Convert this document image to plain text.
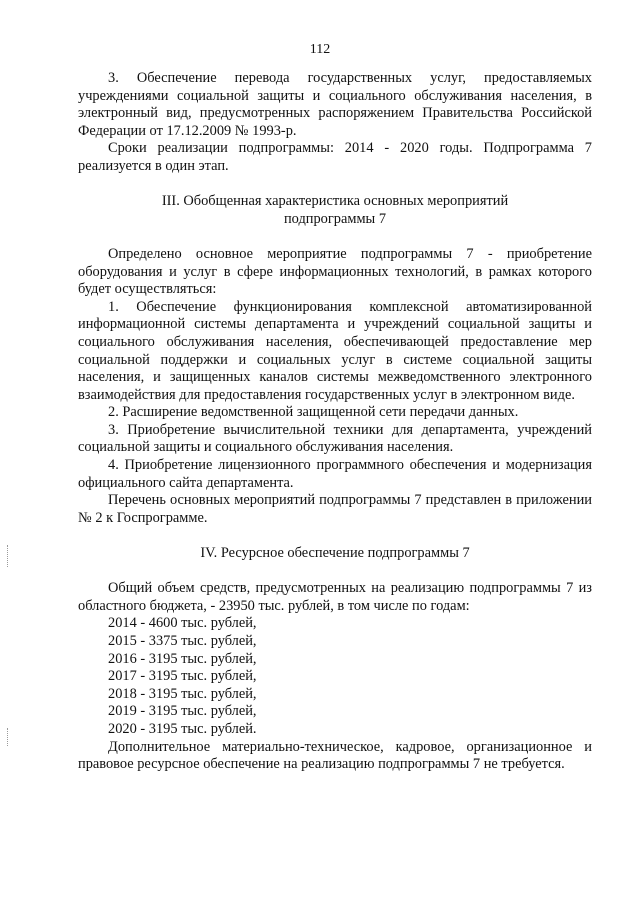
112

3. Обеспечение перевода государственных услуг, предоставляемых учреждениями социальной защиты и социального обслуживания населения, в электронный вид, предусмотренных распоряжением Правительства Российской Федерации от 17.12.2009 № 1993-р.

Сроки реализации подпрограммы: 2014 - 2020 годы. Подпрограмма 7 реализуется в один этап.

III. Обобщенная характеристика основных мероприятий
подпрограммы 7

Определено основное мероприятие подпрограммы 7 - приобретение оборудования и услуг в сфере информационных технологий, в рамках которого будет осуществляться:

1. Обеспечение функционирования комплексной автоматизированной информационной системы департамента и учреждений социальной защиты и социального обслуживания населения, обеспечивающей предоставление мер социальной поддержки и социальных услуг в системе социальной защиты населения, и защищенных каналов системы межведомственного электронного взаимодействия для предоставления государственных услуг в электронном виде.

2. Расширение ведомственной защищенной сети передачи данных.

3. Приобретение вычислительной техники для департамента, учреждений социальной защиты и социального обслуживания населения.

4. Приобретение лицензионного программного обеспечения и модернизация официального сайта департамента.

Перечень основных мероприятий подпрограммы 7 представлен в приложении № 2 к Госпрограмме.

IV. Ресурсное обеспечение подпрограммы 7

Общий объем средств, предусмотренных на реализацию подпрограммы 7 из областного бюджета, - 23950 тыс. рублей, в том числе по годам:

2014 - 4600 тыс. рублей,
2015 - 3375 тыс. рублей,
2016 - 3195 тыс. рублей,
2017 - 3195 тыс. рублей,
2018 - 3195 тыс. рублей,
2019 - 3195 тыс. рублей,
2020 - 3195 тыс. рублей.

Дополнительное материально-техническое, кадровое, организационное и правовое ресурсное обеспечение на реализацию подпрограммы 7 не требуется.
